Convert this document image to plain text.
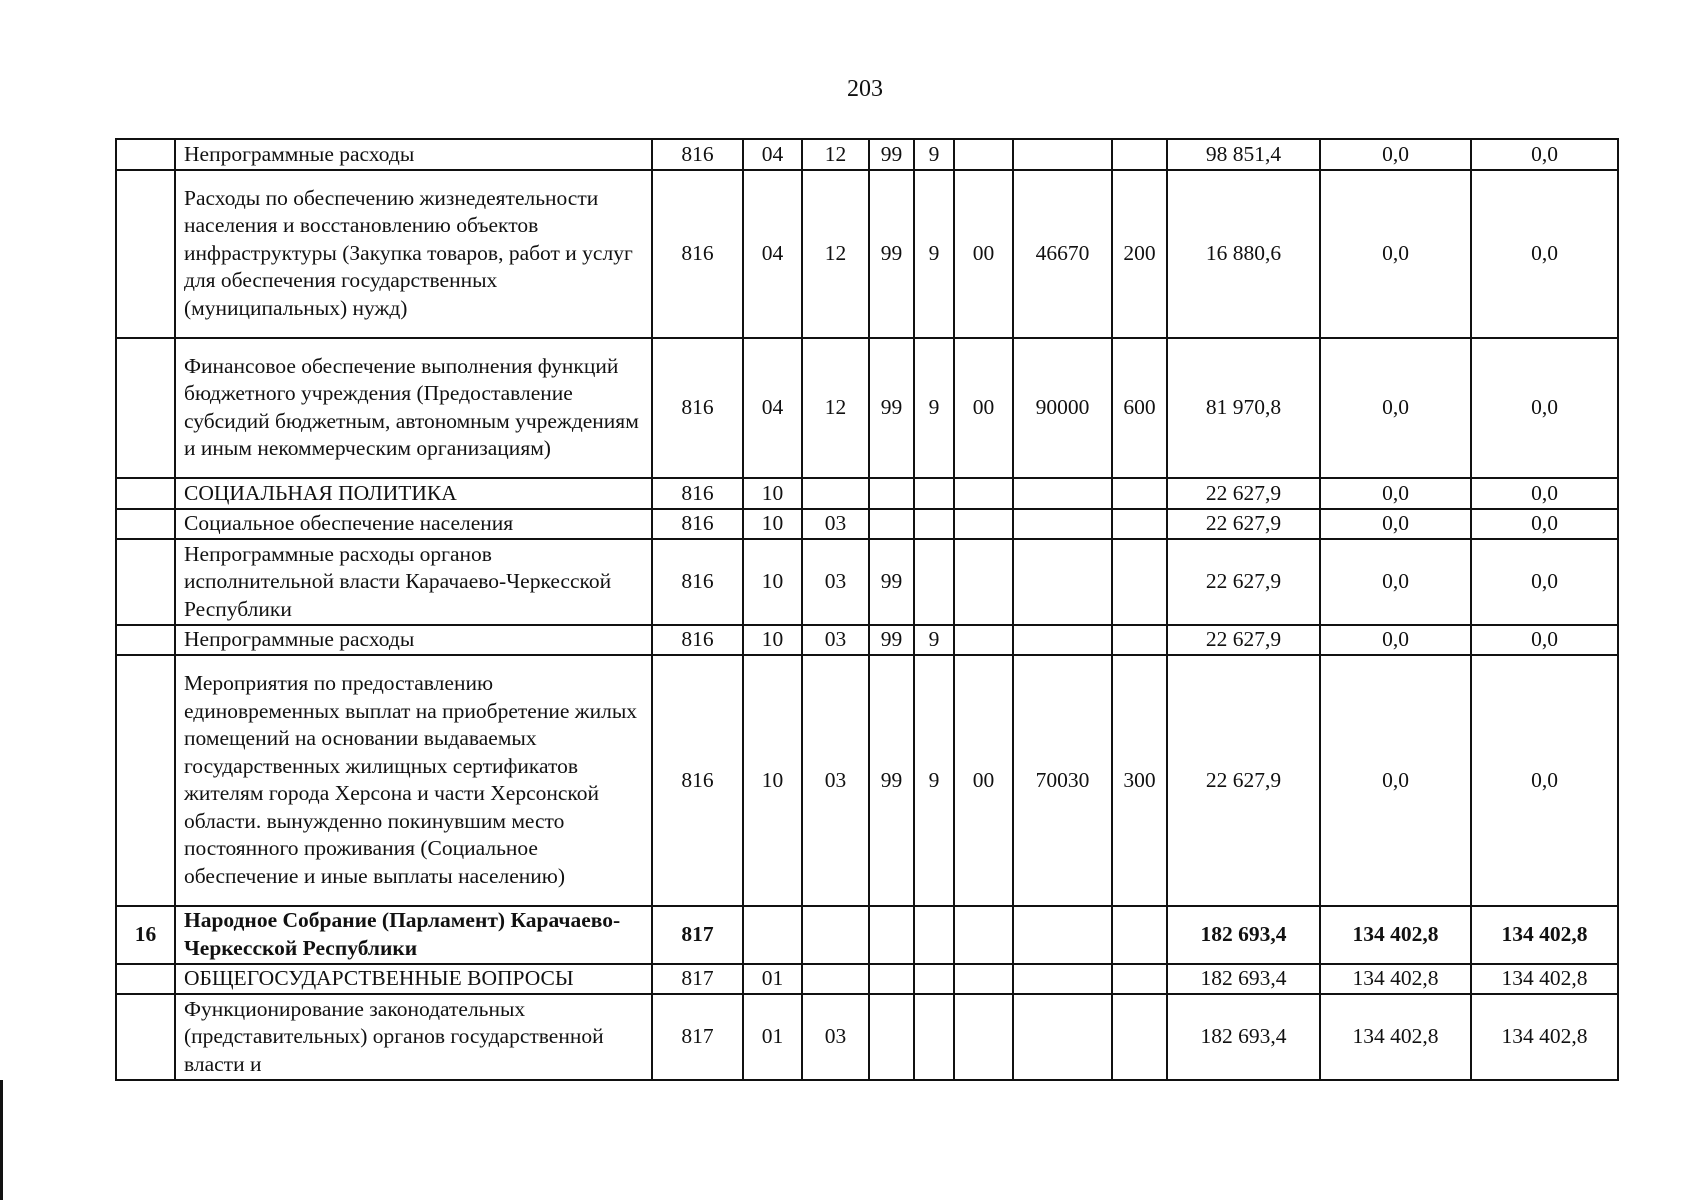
203
	Непрограммные расходы	816	04	12	99	9				98 851,4	0,0	0,0
	Расходы по обеспечению жизнедеятельности населения и восстановлению объектов инфраструктуры (Закупка товаров, работ и услуг для обеспечения государственных (муниципальных) нужд)	816	04	12	99	9	00	46670	200	16 880,6	0,0	0,0
	Финансовое обеспечение выполнения функций бюджетного учреждения (Предоставление субсидий бюджетным, автономным учреждениям и иным некоммерческим организациям)	816	04	12	99	9	00	90000	600	81 970,8	0,0	0,0
	СОЦИАЛЬНАЯ ПОЛИТИКА	816	10							22 627,9	0,0	0,0
	Социальное обеспечение населения	816	10	03						22 627,9	0,0	0,0
	Непрограммные расходы органов исполнительной власти Карачаево-Черкесской Республики	816	10	03	99					22 627,9	0,0	0,0
	Непрограммные расходы	816	10	03	99	9				22 627,9	0,0	0,0
	Мероприятия по предоставлению единовременных выплат на приобретение жилых помещений на основании выдаваемых государственных жилищных сертификатов жителям города Херсона и части Херсонской области. вынужденно покинувшим место постоянного проживания (Социальное обеспечение и иные выплаты населению)	816	10	03	99	9	00	70030	300	22 627,9	0,0	0,0
16	Народное Собрание (Парламент) Карачаево-Черкесской Республики	817								182 693,4	134 402,8	134 402,8
	ОБЩЕГОСУДАРСТВЕННЫЕ ВОПРОСЫ	817	01							182 693,4	134 402,8	134 402,8
	Функционирование законодательных (представительных) органов государственной власти и	817	01	03						182 693,4	134 402,8	134 402,8
